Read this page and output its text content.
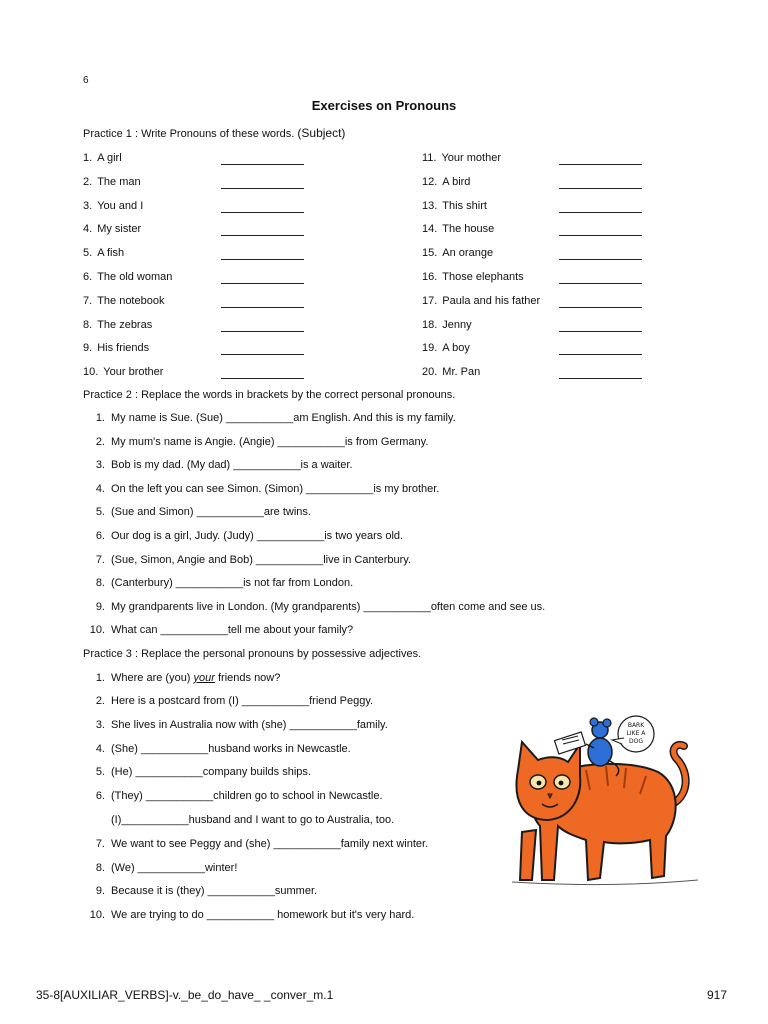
6
Exercises on Pronouns
Practice 1 : Write Pronouns of these words. (Subject)
1. A girl
2. The man
3. You and I
4. My sister
5. A fish
6. The old woman
7. The notebook
8. The zebras
9. His friends
10. Your brother
11. Your mother
12. A bird
13. This shirt
14. The house
15. An orange
16. Those elephants
17. Paula and his father
18. Jenny
19. A boy
20. Mr. Pan
Practice 2 : Replace the words in brackets by the correct personal pronouns.
1. My name is Sue. (Sue) ___________am English. And this is my family.
2. My mum's name is Angie. (Angie) ___________is from Germany.
3. Bob is my dad. (My dad) ___________is a waiter.
4. On the left you can see Simon. (Simon) ___________is my brother.
5. (Sue and Simon) ___________are twins.
6. Our dog is a girl, Judy. (Judy) ___________is two years old.
7. (Sue, Simon, Angie and Bob) ___________live in Canterbury.
8. (Canterbury) ___________is not far from London.
9. My grandparents live in London. (My grandparents) ___________often come and see us.
10. What can ___________tell me about your family?
Practice 3 : Replace the personal pronouns by possessive adjectives.
1. Where are (you) your friends now?
2. Here is a postcard from (I) ___________friend Peggy.
3. She lives in Australia now with (she) ___________family.
4. (She) ___________husband works in Newcastle.
5. (He) ___________company builds ships.
6. (They) ___________children go to school in Newcastle.
(I)___________husband and I want to go to Australia, too.
7. We want to see Peggy and (she) ___________family next winter.
8. (We) ___________winter!
9. Because it is (they) ___________summer.
10. We are trying to do ___________ homework but it's very hard.
BARK
LIKE A
DOG
35-8[AUXILIAR_VERBS]-v._be_do_have_ _conver_m.1	917
